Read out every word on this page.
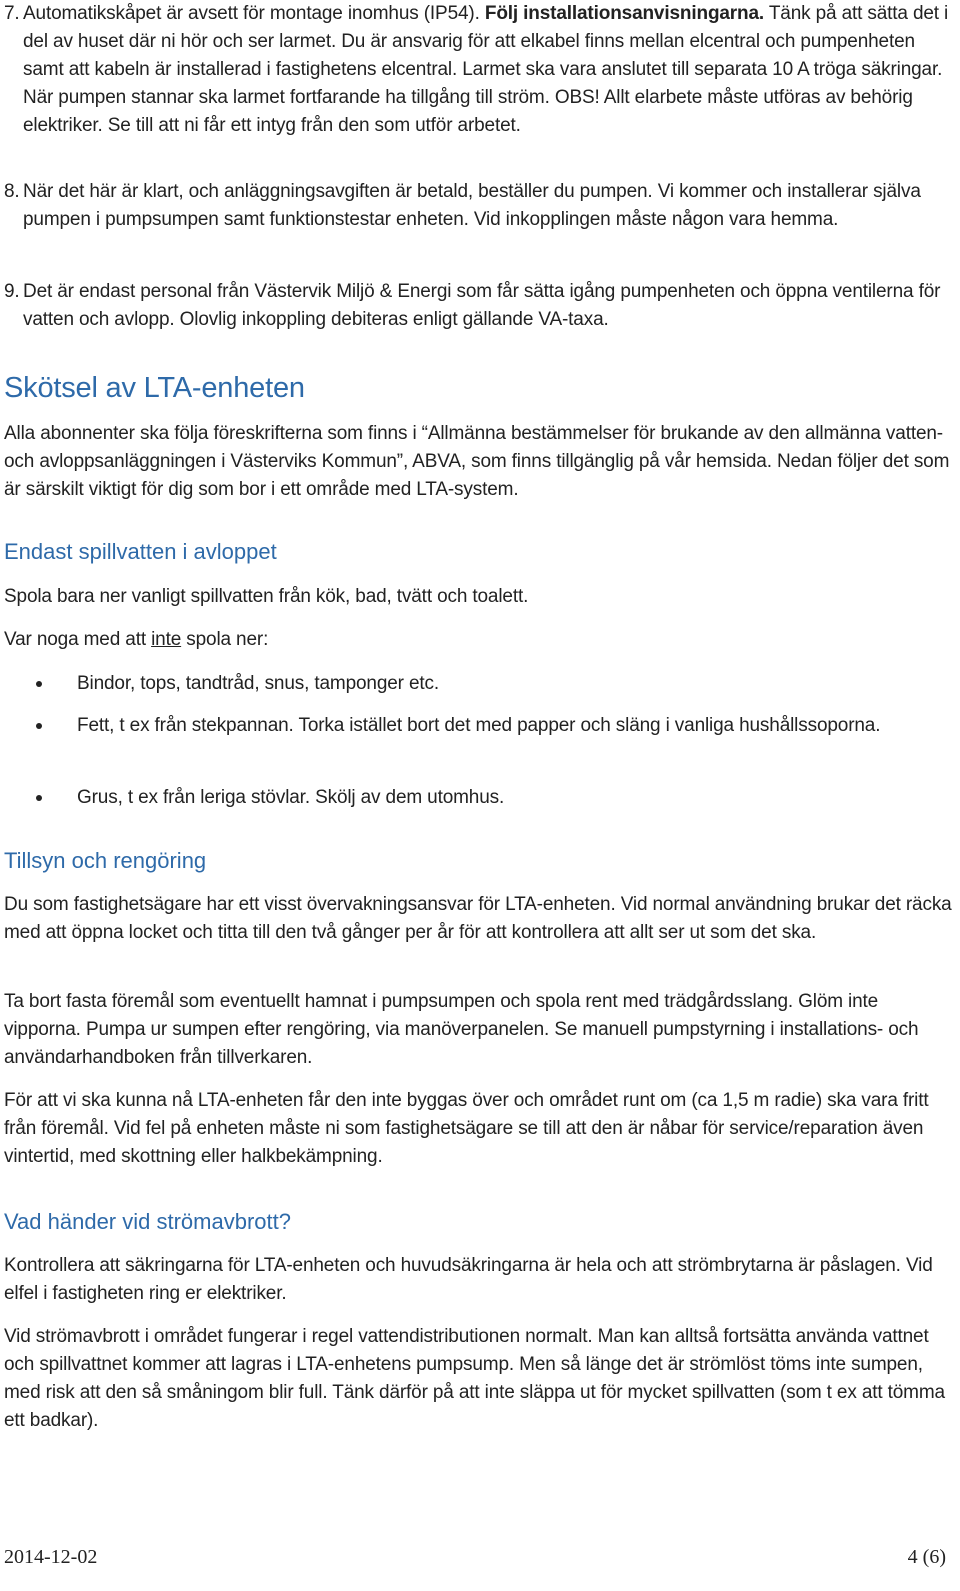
7. Automatikskåpet är avsett för montage inomhus (IP54). Följ installationsanvisningarna. Tänk på att sätta det i del av huset där ni hör och ser larmet. Du är ansvarig för att elkabel finns mellan elcentral och pumpenheten samt att kabeln är installerad i fastighetens elcentral. Larmet ska vara anslutet till separata 10 A tröga säkringar. När pumpen stannar ska larmet fortfarande ha tillgång till ström. OBS! Allt elarbete måste utföras av behörig elektriker. Se till att ni får ett intyg från den som utför arbetet.
8. När det här är klart, och anläggningsavgiften är betald, beställer du pumpen. Vi kommer och installerar själva pumpen i pumpsumpen samt funktionstestar enheten. Vid inkopplingen måste någon vara hemma.
9. Det är endast personal från Västervik Miljö & Energi som får sätta igång pumpenheten och öppna ventilerna för vatten och avlopp. Olovlig inkoppling debiteras enligt gällande VA-taxa.
Skötsel av LTA-enheten

Alla abonnenter ska följa föreskrifterna som finns i “Allmänna bestämmelser för brukande av den allmänna vatten- och avloppsanläggningen i Västerviks Kommun”, ABVA, som finns tillgänglig på vår hemsida. Nedan följer det som är särskilt viktigt för dig som bor i ett område med LTA-system.

Endast spillvatten i avloppet

Spola bara ner vanligt spillvatten från kök, bad, tvätt och toalett.

Var noga med att inte spola ner:

Bindor, tops, tandtråd, snus, tamponger etc.
Fett, t ex från stekpannan. Torka istället bort det med papper och släng i vanliga hushållssoporna.
Grus, t ex från leriga stövlar. Skölj av dem utomhus.
Tillsyn och rengöring

Du som fastighetsägare har ett visst övervakningsansvar för LTA-enheten. Vid normal användning brukar det räcka med att öppna locket och titta till den två gånger per år för att kontrollera att allt ser ut som det ska.

Ta bort fasta föremål som eventuellt hamnat i pumpsumpen och spola rent med trädgårdsslang. Glöm inte vipporna. Pumpa ur sumpen efter rengöring, via manöverpanelen. Se manuell pumpstyrning i installations- och användarhandboken från tillverkaren.

För att vi ska kunna nå LTA-enheten får den inte byggas över och området runt om (ca 1,5 m radie) ska vara fritt från föremål. Vid fel på enheten måste ni som fastighetsägare se till att den är nåbar för service/reparation även vintertid, med skottning eller halkbekämpning.

Vad händer vid strömavbrott?

Kontrollera att säkringarna för LTA-enheten och huvudsäkringarna är hela och att strömbrytarna är påslagen. Vid elfel i fastigheten ring er elektriker.

Vid strömavbrott i området fungerar i regel vattendistributionen normalt. Man kan alltså fortsätta använda vattnet och spillvattnet kommer att lagras i LTA-enhetens pumpsump. Men så länge det är strömlöst töms inte sumpen, med risk att den så småningom blir full. Tänk därför på att inte släppa ut för mycket spillvatten (som t ex att tömma ett badkar).

2014-12-02	4 (6)
